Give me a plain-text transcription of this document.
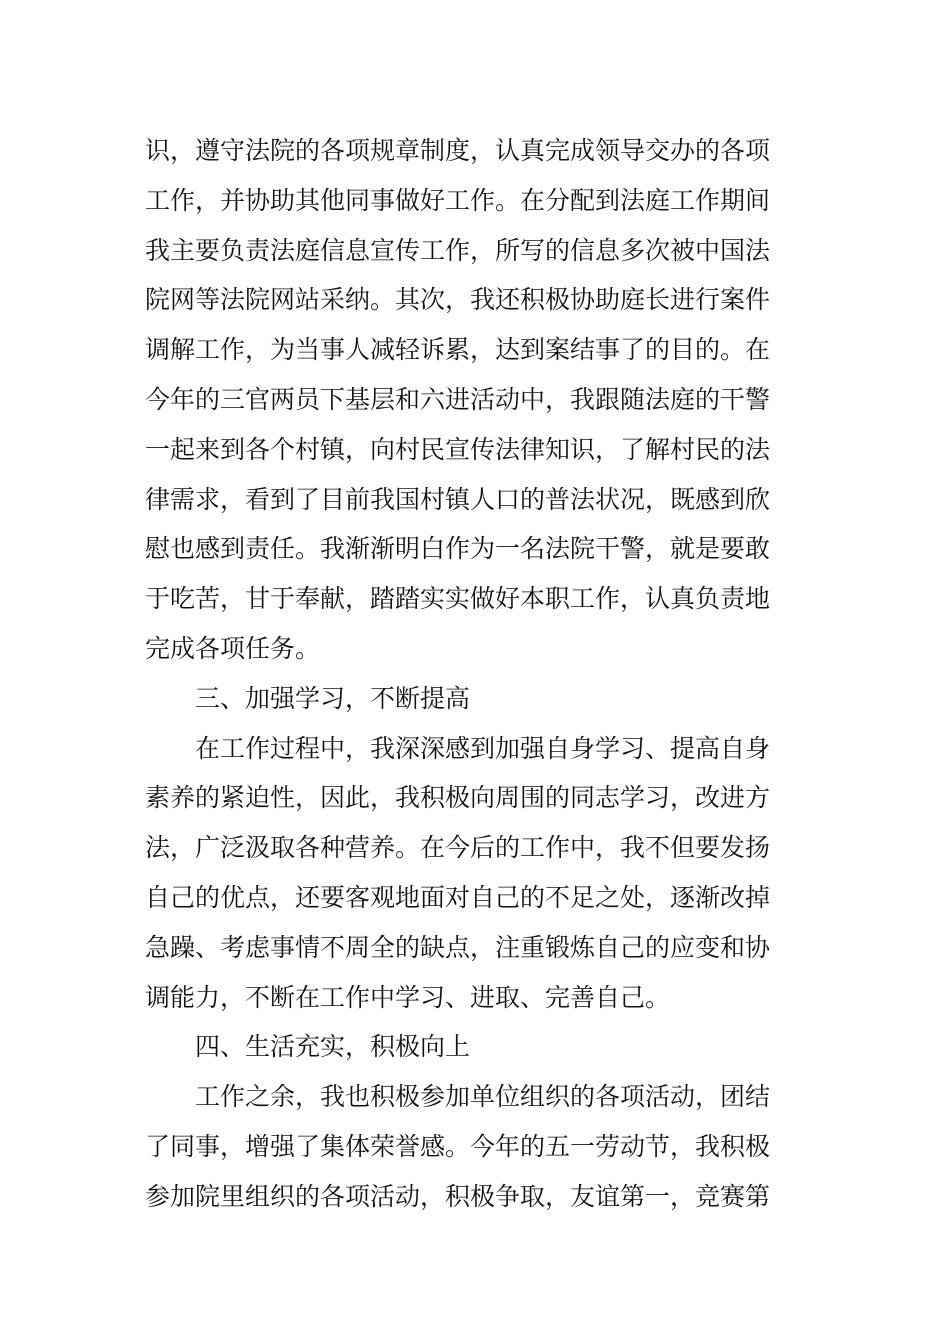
识，遵守法院的各项规章制度，认真完成领导交办的各项
工作，并协助其他同事做好工作。在分配到法庭工作期间
我主要负责法庭信息宣传工作，所写的信息多次被中国法
院网等法院网站采纳。其次，我还积极协助庭长进行案件
调解工作，为当事人减轻诉累，达到案结事了的目的。在
今年的三官两员下基层和六进活动中，我跟随法庭的干警
一起来到各个村镇，向村民宣传法律知识，了解村民的法
律需求，看到了目前我国村镇人口的普法状况，既感到欣
慰也感到责任。我渐渐明白作为一名法院干警，就是要敢
于吃苦，甘于奉献，踏踏实实做好本职工作，认真负责地
完成各项任务。
三、加强学习，不断提高
在工作过程中，我深深感到加强自身学习、提高自身
素养的紧迫性，因此，我积极向周围的同志学习，改进方
法，广泛汲取各种营养。在今后的工作中，我不但要发扬
自己的优点，还要客观地面对自己的不足之处，逐渐改掉
急躁、考虑事情不周全的缺点，注重锻炼自己的应变和协
调能力，不断在工作中学习、进取、完善自己。
四、生活充实，积极向上
工作之余，我也积极参加单位组织的各项活动，团结
了同事，增强了集体荣誉感。今年的五一劳动节，我积极
参加院里组织的各项活动，积极争取，友谊第一，竞赛第
